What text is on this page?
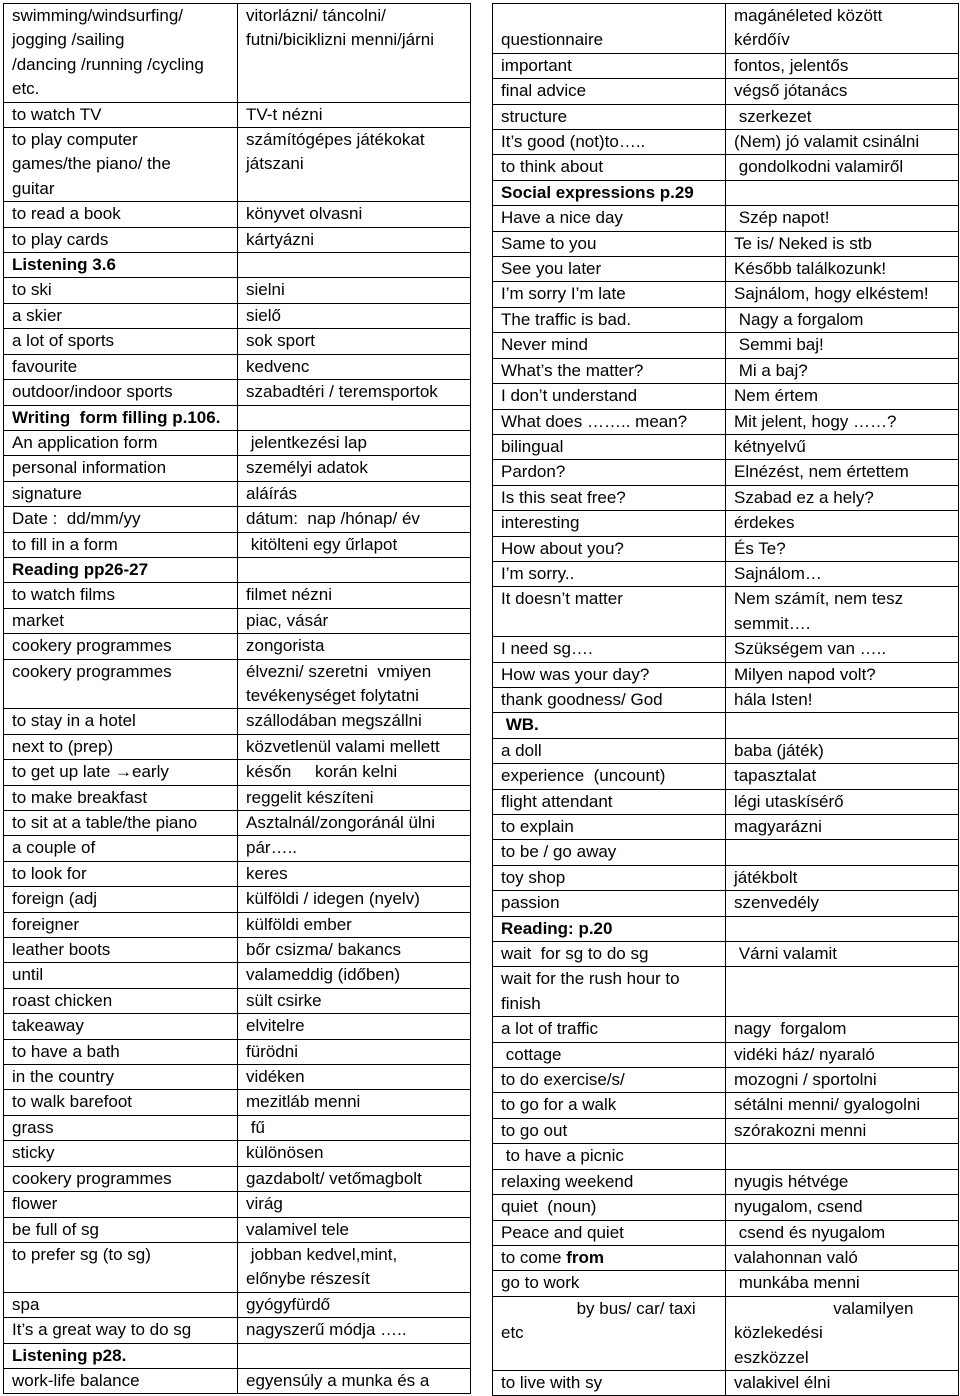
swimming/windsurfing/
jogging /sailing
/dancing /running /cycling
etc.	vitorlázni/ táncolni/
futni/biciklizni menni/járni
to watch TV	TV-t nézni
to play computer
games/the piano/ the
guitar	számítógépes játékokat
játszani
to read a book	könyvet olvasni
to play cards	kártyázni
Listening 3.6	
to ski	sielni
a skier	sielő
a lot of sports	sok sport
favourite	kedvenc
outdoor/indoor sports	szabadtéri / teremsportok
Writing  form filling p.106.	
An application form	jelentkezési lap
personal information	személyi adatok
signature	aláírás
Date :  dd/mm/yy	dátum:  nap /hónap/ év
to fill in a form	kitölteni egy űrlapot
Reading pp26-27	
to watch films	filmet nézni
market	piac, vásár
cookery programmes	zongorista
cookery programmes	élvezni/ szeretni  vmiyen
tevékenységet folytatni
to stay in a hotel	szállodában megszállni
next to (prep)	közvetlenül valami mellett
to get up late →early	későn     korán kelni
to make breakfast	reggelit készíteni
to sit at a table/the piano	Asztalnál/zongoránál ülni
a couple of	pár…..
to look for	keres
foreign (adj	külföldi / idegen (nyelv)
foreigner	külföldi ember
leather boots	bőr csizma/ bakancs
until	valameddig (időben)
roast chicken	sült csirke
takeaway	elvitelre
to have a bath	fürödni
in the country	vidéken
to walk barefoot	mezitláb menni
grass	fű
sticky	különösen
cookery programmes	gazdabolt/ vetőmagbolt
flower	virág
be full of sg	valamivel tele
to prefer sg (to sg)	jobban kedvel,mint,
előnybe részesít
spa	gyógyfürdő
It’s a great way to do sg	nagyszerű módja …..
Listening p28.	
work-life balance	egyensúly a munka és a

questionnaire	magánéleted között
kérdőív
important	fontos, jelentős
final advice	végső jótanács
structure	szerkezet
It’s good (not)to…..	(Nem) jó valamit csinálni
to think about	gondolkodni valamiről
Social expressions p.29	
Have a nice day	Szép napot!
Same to you	Te is/ Neked is stb
See you later	Később találkozunk!
I’m sorry I’m late	Sajnálom, hogy elkéstem!
The traffic is bad.	Nagy a forgalom
Never mind	Semmi baj!
What’s the matter?	Mi a baj?
I don’t understand	Nem értem
What does …….. mean?	Mit jelent, hogy ……?
bilingual	kétnyelvű
Pardon?	Elnézést, nem értettem
Is this seat free?	Szabad ez a hely?
interesting	érdekes
How about you?	És Te?
I’m sorry..	Sajnálom…
It doesn’t matter	Nem számít, nem tesz
semmit….
I need sg….	Szükségem van …..
How was your day?	Milyen napod volt?
thank goodness/ God	hála Isten!
WB.	
a doll	baba (játék)
experience  (uncount)	tapasztalat
flight attendant	légi utaskísérő
to explain	magyarázni
to be / go away	
toy shop	játékbolt
passion	szenvedély
Reading: p.20	
wait  for sg to do sg	Várni valamit
wait for the rush hour to
finish	
a lot of traffic	nagy  forgalom
cottage	vidéki ház/ nyaraló
to do exercise/s/	mozogni / sportolni
to go for a walk	sétálni menni/ gyalogolni
to go out	szórakozni menni
to have a picnic	
relaxing weekend	nyugis hétvége
quiet  (noun)	nyugalom, csend
Peace and quiet	csend és nyugalom
to come from	valahonnan való
go to work	munkába menni
by bus/ car/ taxi
etc	valamilyen
közlekedési
eszközzel
to live with sy	valakivel élni
